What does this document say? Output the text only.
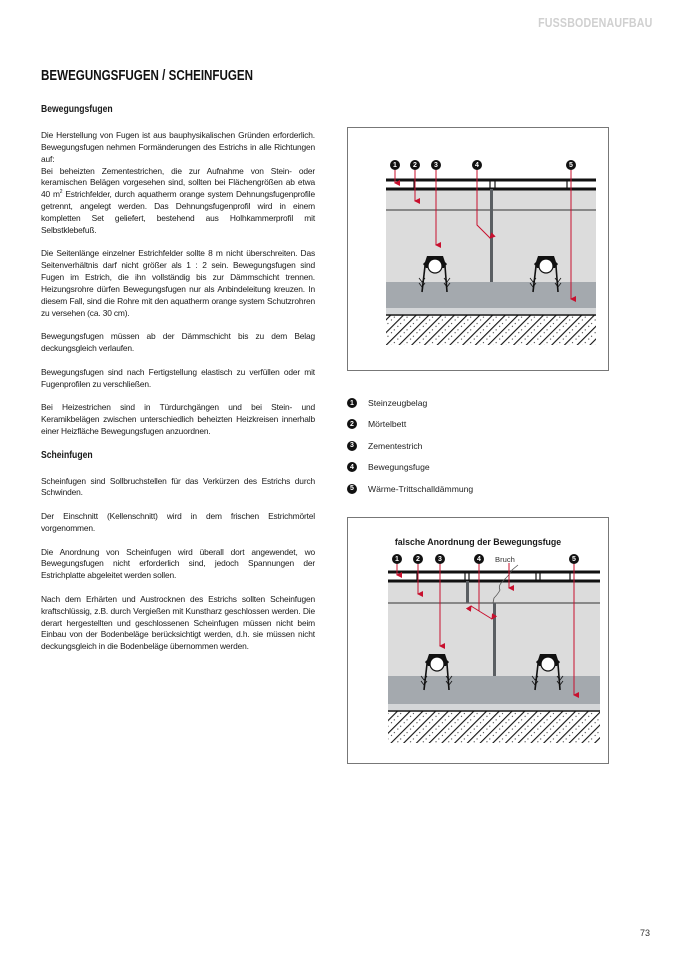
FUSSBODENAUFBAU
BEWEGUNGSFUGEN / SCHEINFUGEN
Bewegungsfugen

Die Herstellung von Fugen ist aus bauphysikalischen Gründen erforderlich. Bewegungsfugen nehmen Formänderungen des Estrichs in alle Richtungen auf:
Bei beheizten Zementestrichen, die zur Aufnahme von Stein- oder keramischen Belägen vorgesehen sind, sollten bei Flächengrößen ab etwa 40 $m^2$ Estrichfelder, durch aquatherm orange system Dehnungsfugenprofile getrennt, angelegt werden. Das Dehnungsfugenprofil wird in einem kompletten Set geliefert, bestehend aus Holhkammerprofil mit Selbstklebefuß.

Die Seitenlänge einzelner Estrichfelder sollte 8 m nicht überschreiten. Das Seitenverhältnis darf nicht größer als 1 : 2 sein. Bewegungsfugen sind Fugen im Estrich, die ihn vollständig bis zur Dämmschicht trennen. Heizungsrohre dürfen Bewegungsfugen nur als Anbindeleitung kreuzen. In diesem Fall, sind die Rohre mit den aquatherm orange system Schutzrohren zu versehen (ca. 30 cm).

Bewegungsfugen müssen ab der Dämmschicht bis zu dem Belag deckungsgleich verlaufen.

Bewegungsfugen sind nach Fertigstellung elastisch zu verfüllen oder mit Fugenprofilen zu verschließen.

Bei Heizestrichen sind in Türdurchgängen und bei Stein- und Keramikbelägen zwischen unterschiedlich beheizten Heizkreisen innerhalb einer Heizfläche Bewegungsfugen anzuordnen.

Scheinfugen

Scheinfugen sind Sollbruchstellen für das Verkürzen des Estrichs durch Schwinden.

Der Einschnitt (Kellenschnitt) wird in dem frischen Estrichmörtel vorgenommen.

Die Anordnung von Scheinfugen wird überall dort angewendet, wo Bewegungsfugen nicht erforderlich sind, jedoch Spannungen der Estrichplatte abgeleitet werden sollen.

Nach dem Erhärten und Austrocknen des Estrichs sollten Scheinfugen kraftschlüssig, z.B. durch Vergießen mit Kunstharz geschlossen werden. Die derart hergestellten und geschlossenen Scheinfugen müssen nicht beim Einbau von der Bodenbeläge berücksichtigt werden, d.h. sie müssen nicht deckungsgleich in die Bodenbeläge übernommen werden.

1	2	3	4	5
1	Steinzeugbelag
2	Mörtelbett
3	Zementestrich
4	Bewegungsfuge
5	Wärme-Trittschalldämmung
falsche Anordnung der Bewegungsfuge
Bruch
1	2	3	4	5
73
